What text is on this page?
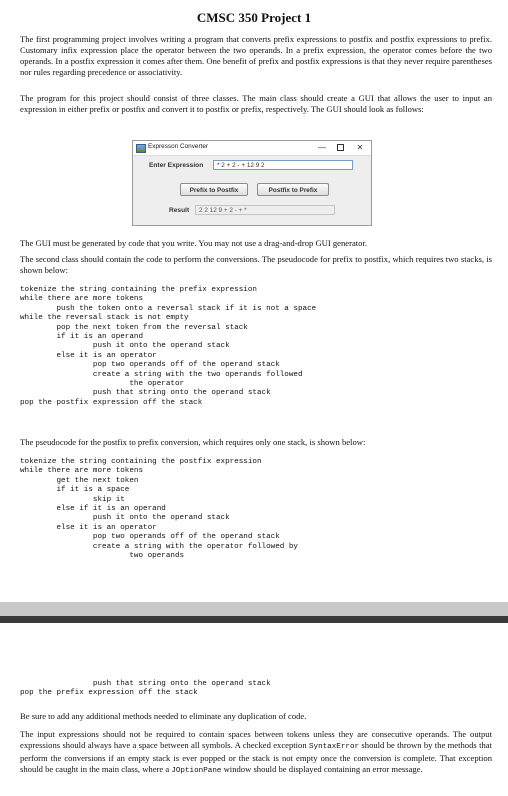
CMSC 350 Project 1

The first programming project involves writing a program that converts prefix expressions to postfix and postfix expressions to prefix. Customary infix expression place the operator between the two operands. In a prefix expression, the operator comes before the two operands. In a postfix expression it comes after them. One benefit of prefix and postfix expressions is that they never require parentheses nor rules regarding precedence or associativity.

The program for this project should consist of three classes. The main class should create a GUI that allows the user to input an expression in either prefix or postfix and convert it to postfix or prefix, respectively. The GUI should look as follows:

Expresson Converter	—	✕
Enter Expression	* 2 + 2 - + 12 9 2
Prefix to Postfix	Postfix to Prefix
Result	2 2 12 9 + 2 - + *

The GUI must be generated by code that you write. You may not use a drag-and-drop GUI generator.

The second class should contain the code to perform the conversions. The pseudocode for prefix to postfix, which requires two stacks, is shown below:

tokenize the string containing the prefix expression
while there are more tokens
push the token onto a reversal stack if it is not a space
while the reversal stack is not empty
pop the next token from the reversal stack
if it is an operand
push it onto the operand stack
else it is an operator
pop two operands off of the operand stack
create a string with the two operands followed
the operator
push that string onto the operand stack
pop the postfix expression off the stack

The pseudocode for the postfix to prefix conversion, which requires only one stack, is shown below:

tokenize the string containing the postfix expression
while there are more tokens
get the next token
if it is a space
skip it
else if it is an operand
push it onto the operand stack
else it is an operator
pop two operands off of the operand stack
create a string with the operator followed by
two operands
push that string onto the operand stack
pop the prefix expression off the stack

Be sure to add any additional methods needed to eliminate any duplication of code.

The input expressions should not be required to contain spaces between tokens unless they are consecutive operands. The output expressions should always have a space between all symbols. A checked exception SyntaxError should be thrown by the methods that perform the conversions if an empty stack is ever popped or the stack is not empty once the conversion is complete. That exception should be caught in the main class, where a JOptionPane window should be displayed containing an error message.
